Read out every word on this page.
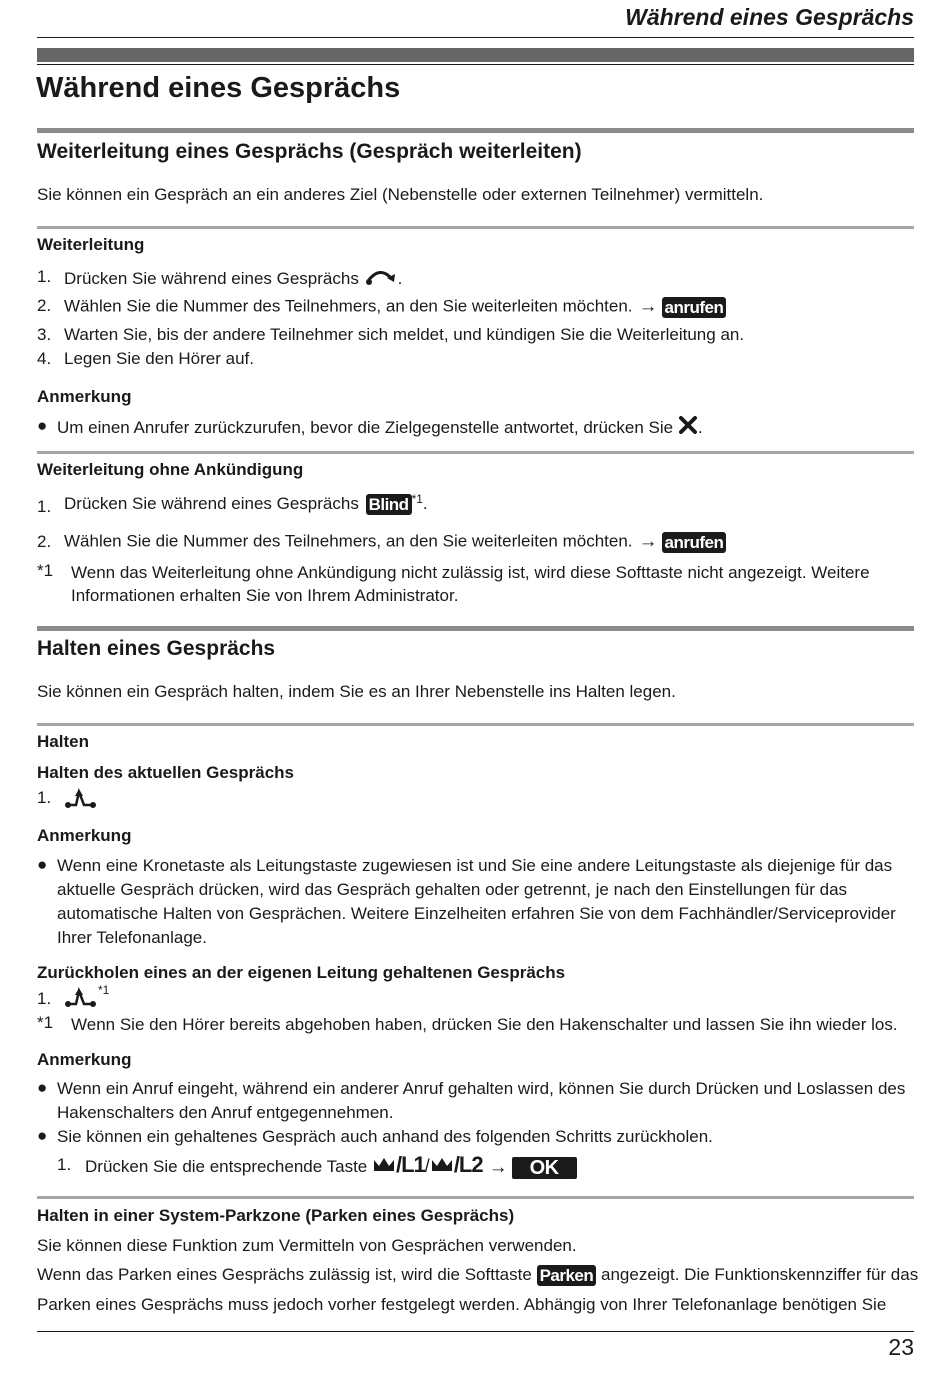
Während eines Gesprächs
Während eines Gesprächs
Weiterleitung eines Gesprächs (Gespräch weiterleiten)
Sie können ein Gespräch an ein anderes Ziel (Nebenstelle oder externen Teilnehmer) vermitteln.
Weiterleitung
1. Drücken Sie während eines Gesprächs .
2. Wählen Sie die Nummer des Teilnehmers, an den Sie weiterleiten möchten. → anrufen
3. Warten Sie, bis der andere Teilnehmer sich meldet, und kündigen Sie die Weiterleitung an.
4. Legen Sie den Hörer auf.
Anmerkung
● Um einen Anrufer zurückzurufen, bevor die Zielgegenstelle antwortet, drücken Sie .
Weiterleitung ohne Ankündigung
1. Drücken Sie während eines Gesprächs Blind $^{*1}$.
2. Wählen Sie die Nummer des Teilnehmers, an den Sie weiterleiten möchten. → anrufen
*1 Wenn das Weiterleitung ohne Ankündigung nicht zulässig ist, wird diese Softtaste nicht angezeigt. Weitere Informationen erhalten Sie von Ihrem Administrator.
Halten eines Gesprächs
Sie können ein Gespräch halten, indem Sie es an Ihrer Nebenstelle ins Halten legen.
Halten
Halten des aktuellen Gesprächs
1.
Anmerkung
● Wenn eine Kronetaste als Leitungstaste zugewiesen ist und Sie eine andere Leitungstaste als diejenige für das aktuelle Gespräch drücken, wird das Gespräch gehalten oder getrennt, je nach den Einstellungen für das automatische Halten von Gesprächen. Weitere Einzelheiten erfahren Sie von dem Fachhändler/Serviceprovider Ihrer Telefonanlage.
Zurückholen eines an der eigenen Leitung gehaltenen Gesprächs
1.	$^{*1}$
*1 Wenn Sie den Hörer bereits abgehoben haben, drücken Sie den Hakenschalter und lassen Sie ihn wieder los.
Anmerkung
● Wenn ein Anruf eingeht, während ein anderer Anruf gehalten wird, können Sie durch Drücken und Loslassen des Hakenschalters den Anruf entgegennehmen.
● Sie können ein gehaltenes Gespräch auch anhand des folgenden Schritts zurückholen.
1. Drücken Sie die entsprechende Taste /L1/ /L2 → OK
Halten in einer System-Parkzone (Parken eines Gesprächs)
Sie können diese Funktion zum Vermitteln von Gesprächen verwenden.
Wenn das Parken eines Gesprächs zulässig ist, wird die Softtaste Parken angezeigt. Die Funktionskennziffer für das
Parken eines Gesprächs muss jedoch vorher festgelegt werden. Abhängig von Ihrer Telefonanlage benötigen Sie
23
